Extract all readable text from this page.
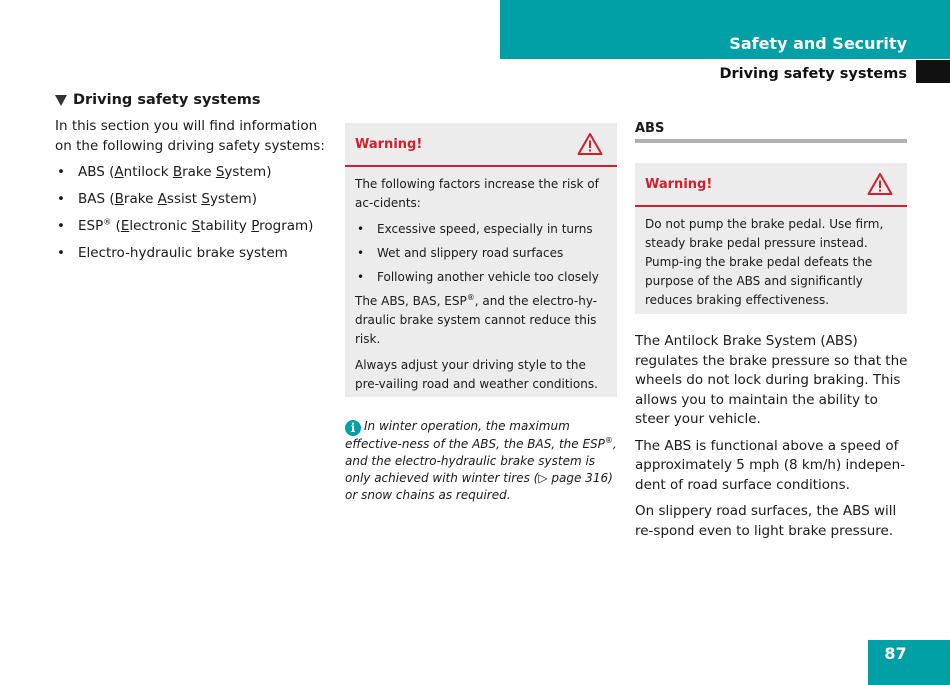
Safety and Security
Driving safety systems
Driving safety systems

In this section you will find information on the following driving safety systems:

• ABS (Antilock Brake System)
• BAS (Brake Assist System)
• ESP® (Electronic Stability Program)
• Electro-hydraulic brake system
Warning!

The following factors increase the risk of ac-cidents:

• Excessive speed, especially in turns
• Wet and slippery road surfaces
• Following another vehicle too closely

The ABS, BAS, ESP®, and the electro-hy-draulic brake system cannot reduce this risk.

Always adjust your driving style to the pre-vailing road and weather conditions.

i In winter operation, the maximum effective-ness of the ABS, the BAS, the ESP®, and the electro-hydraulic brake system is only achieved with winter tires (▷ page 316) or snow chains as required.
ABS
Warning!

Do not pump the brake pedal. Use firm, steady brake pedal pressure instead. Pump-ing the brake pedal defeats the purpose of the ABS and significantly reduces braking effectiveness.

The Antilock Brake System (ABS) regulates the brake pressure so that the wheels do not lock during braking. This allows you to maintain the ability to steer your vehicle.

The ABS is functional above a speed of approximately 5 mph (8 km/h) indepen-dent of road surface conditions.

On slippery road surfaces, the ABS will re-spond even to light brake pressure.

87
